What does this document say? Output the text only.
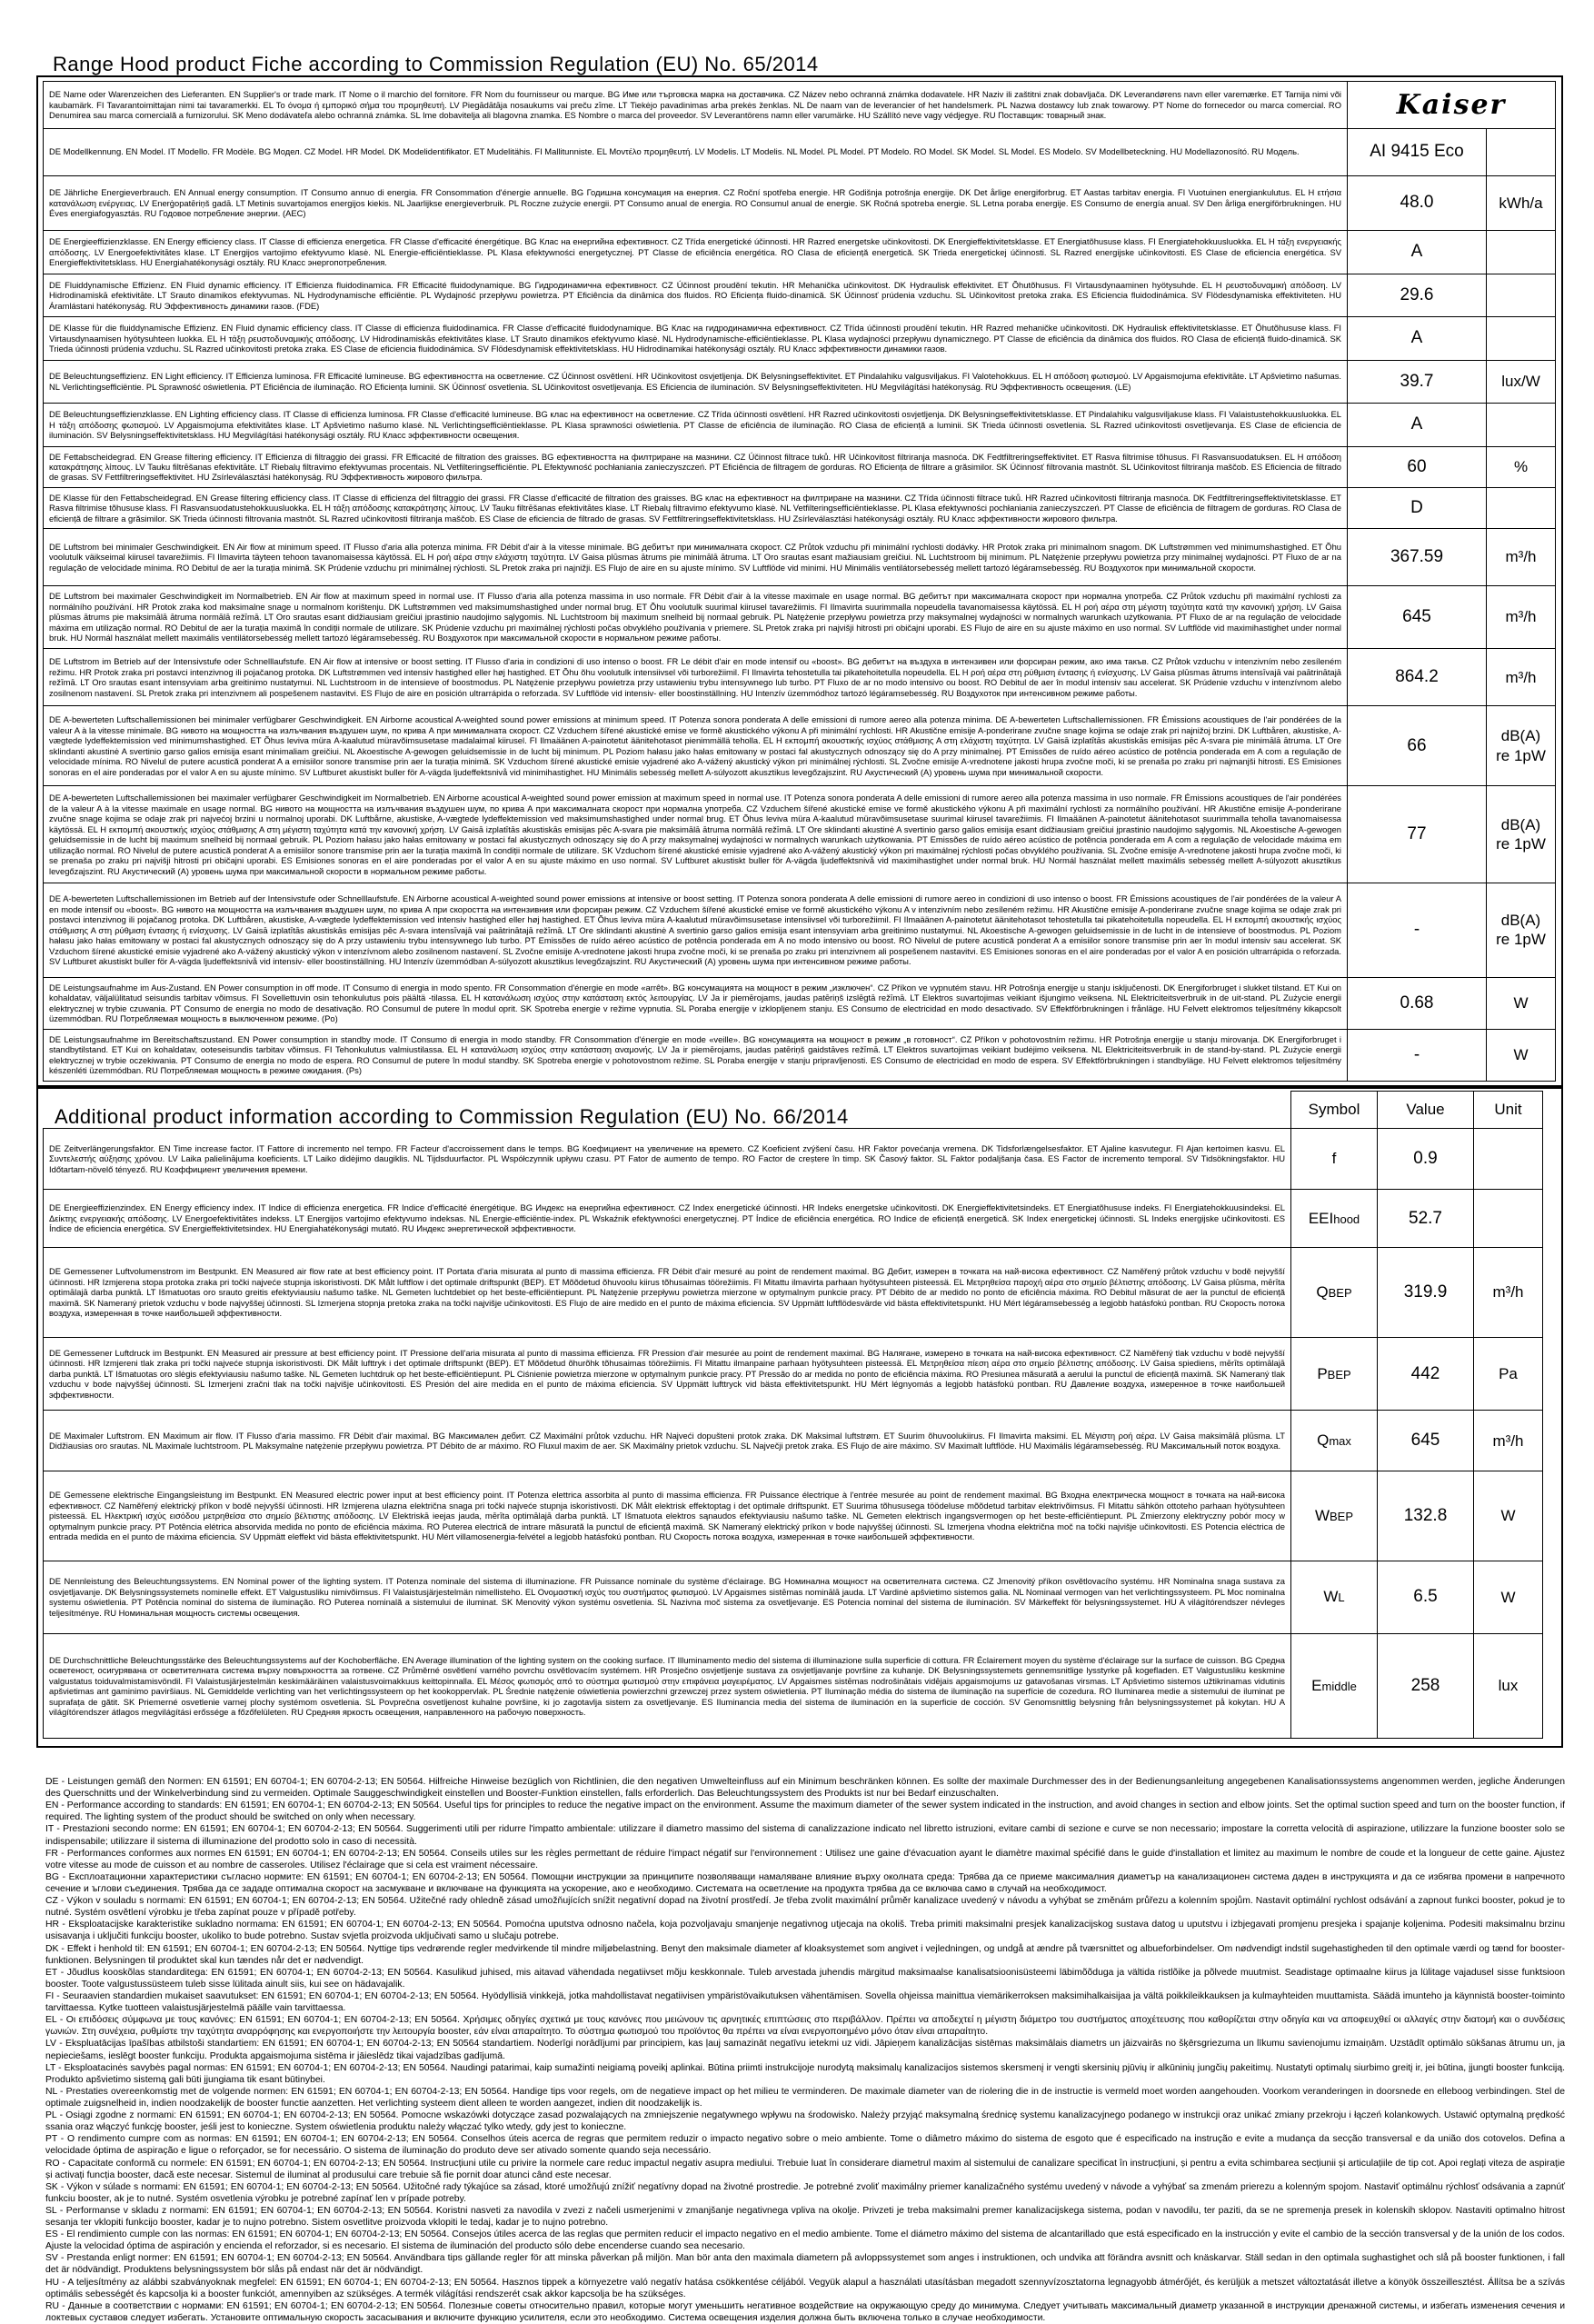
Range Hood product Fiche according to Commission Regulation (EU) No. 65/2014
DE Name oder Warenzeichen des Lieferanten. EN Supplier's or trade mark. IT Nome o il marchio del fornitore. FR Nom du fournisseur ou marque. BG Име или търговска марка на доставчика. CZ Název nebo ochranná známka dodavatele. HR Naziv ili zaštitni znak dobavljača. DK Leverandørens navn eller varemærke. ET Tarnija nimi või kaubamärk. FI Tavarantoimittajan nimi tai tavaramerkki. EL Το όνομα ή εμπορικό σήμα του προμηθευτή. LV Piegādātāja nosaukums vai preču zīme. LT Tiekėjo pavadinimas arba prekės ženklas. NL De naam van de leverancier of het handelsmerk. PL Nazwa dostawcy lub znak towarowy. PT Nome do fornecedor ou marca comercial. RO Denumirea sau marca comercială a furnizorului. SK Meno dodávateľa alebo ochranná známka. SL Ime dobavitelja ali blagovna znamka. ES Nombre o marca del proveedor. SV Leverantörens namn eller varumärke. HU Szállító neve vagy védjegye. RU Поставщик: товарный знак.	Kaiser	
DE Modellkennung. EN Model. IT Modello. FR Modèle. BG Модел. CZ Model. HR Model. DK Modelidentifikator. ET Mudelitähis. FI Mallitunniste. EL Μοντέλο προμηθευτή. LV Modelis. LT Modelis. NL Model. PL Model. PT Modelo. RO Model. SK Model. SL Model. ES Modelo. SV Modellbeteckning. HU Modellazonosító. RU Модель.	AI 9415 Eco	
DE Jährliche Energieverbrauch. EN Annual energy consumption. IT Consumo annuo di energia. FR Consommation d'énergie annuelle. BG Годишна консумация на енергия. CZ Roční spotřeba energie. HR Godišnja potrošnja energije. DK Det årlige energiforbrug. ET Aastas tarbitav energia. FI Vuotuinen energiankulutus. EL Η ετήσια κατανάλωση ενέργειας. LV Enerģopatēriņš gadā. LT Metinis suvartojamos energijos kiekis. NL Jaarlijkse energieverbruik. PL Roczne zużycie energii. PT Consumo anual de energia. RO Consumul anual de energie. SK Ročná spotreba energie. SL Letna poraba energije. ES Consumo de energía anual. SV Den årliga energiförbrukningen. HU Éves energiafogyasztás. RU Годовое потребление энергии. (AEC)	48.0	kWh/a
DE Energieeffizienzklasse. EN Energy efficiency class. IT Classe di efficienza energetica. FR Classe d'efficacité énergétique. BG Клас на енергийна ефективност. CZ Třída energetické účinnosti. HR Razred energetske učinkovitosti. DK Energieffektivitetsklasse. ET Energiatõhususe klass. FI Energiatehokkuusluokka. EL Η τάξη ενεργειακής απόδοσης. LV Energoefektivitātes klase. LT Energijos vartojimo efektyvumo klasė. NL Energie-efficiëntieklasse. PL Klasa efektywności energetycznej. PT Classe de eficiência energética. RO Clasa de eficiență energetică. SK Trieda energetickej účinnosti. SL Razred energijske učinkovitosti. ES Clase de eficiencia energética. SV Energieffektivitetsklass. HU Energiahatékonysági osztály. RU Класс энергопотребления.	A	
DE Fluiddynamische Effizienz. EN Fluid dynamic efficiency. IT Efficienza fluidodinamica. FR Efficacité fluidodynamique. BG Гидродинамична ефективност. CZ Účinnost proudění tekutin. HR Mehanička učinkovitost. DK Hydraulisk effektivitet. ET Õhutõhusus. FI Virtausdynaaminen hyötysuhde. EL Η ρευστοδυναμική απόδοση. LV Hidrodinamiskā efektivitāte. LT Srauto dinamikos efektyvumas. NL Hydrodynamische efficiëntie. PL Wydajność przepływu powietrza. PT Eficiência da dinâmica dos fluidos. RO Eficiența fluido-dinamică. SK Účinnosť prúdenia vzduchu. SL Učinkovitost pretoka zraka. ES Eficiencia fluidodinámica. SV Flödesdynamiska effektiviteten. HU Áramlástani hatékonyság. RU Эффективность динамики газов. (FDE)	29.6	
DE Klasse für die fluiddynamische Effizienz. EN Fluid dynamic efficiency class. IT Classe di efficienza fluidodinamica. FR Classe d'efficacité fluidodynamique. BG Клас на гидродинамична ефективност. CZ Třída účinnosti proudění tekutin. HR Razred mehaničke učinkovitosti. DK Hydraulisk effektivitetsklasse. ET Õhutõhususe klass. FI Virtausdynaamisen hyötysuhteen luokka. EL Η τάξη ρευστοδυναμικής απόδοσης. LV Hidrodinamiskās efektivitātes klase. LT Srauto dinamikos efektyvumo klasė. NL Hydrodynamische-efficiëntieklasse. PL Klasa wydajności przepływu dynamicznego. PT Classe de eficiência da dinâmica dos fluidos. RO Clasa de eficiență fluido-dinamică. SK Trieda účinnosti prúdenia vzduchu. SL Razred učinkovitosti pretoka zraka. ES Clase de eficiencia fluidodinámica. SV Flödesdynamisk effektivitetsklass. HU Hidrodinamikai hatékonysági osztály. RU Класс эффективности динамики газов.	A	
DE Beleuchtungseffizienz. EN Light efficiency. IT Efficienza luminosa. FR Efficacité lumineuse. BG ефективността на осветление. CZ Účinnost osvětlení. HR Učinkovitost osvjetljenja. DK Belysningseffektivitet. ET Pindalahiku valgusviljakus. FI Valotehokkuus. EL Η απόδοση φωτισμού. LV Apgaismojuma efektivitāte. LT Apšvietimo našumas. NL Verlichtingsefficiëntie. PL Sprawność oświetlenia. PT Eficiência de iluminação. RO Eficiența luminii. SK Účinnosť osvetlenia. SL Učinkovitost osvetljevanja. ES Eficiencia de iluminación. SV Belysningseffektiviteten. HU Megvilágítási hatékonyság. RU Эффективность освещения. (LE)	39.7	lux/W
DE Beleuchtungseffizienzklasse. EN Lighting efficiency class. IT Classe di efficienza luminosa. FR Classe d'efficacité lumineuse. BG клас на ефективност на осветление. CZ Třída účinnosti osvětlení. HR Razred učinkovitosti osvjetljenja. DK Belysningseffektivitetsklasse. ET Pindalahiku valgusviljakuse klass. FI Valaistustehokkuusluokka. EL Η τάξη απόδοσης φωτισμού. LV Apgaismojuma efektivitātes klase. LT Apšvietimo našumo klasė. NL Verlichtingsefficiëntieklasse. PL Klasa sprawności oświetlenia. PT Classe de eficiência de iluminação. RO Clasa de eficiență a luminii. SK Trieda účinnosti osvetlenia. SL Razred učinkovitosti osvetljevanja. ES Clase de eficiencia de iluminación. SV Belysningseffektivitetsklass. HU Megvilágítási hatékonysági osztály. RU Класс эффективности освещения.	A	
DE Fettabscheidegrad. EN Grease filtering efficiency. IT Efficienza di filtraggio dei grassi. FR Efficacité de filtration des graisses. BG ефективността на филтриране на мазнини. CZ Účinnost filtrace tuků. HR Učinkovitost filtriranja masnoća. DK Fedtfiltreringseffektivitet. ET Rasva filtrimise tõhusus. FI Rasvansuodatuksen. EL Η απόδοση κατακράτησης λίπους. LV Tauku filtrēšanas efektivitāte. LT Riebalų filtravimo efektyvumas procentais. NL Vetfilteringsefficiëntie. PL Efektywność pochłaniania zanieczyszczeń. PT Eficiência de filtragem de gorduras. RO Eficiența de filtrare a grăsimilor. SK Účinnosť filtrovania mastnôt. SL Učinkovitost filtriranja maščob. ES Eficiencia de filtrado de grasas. SV Fettfiltreringseffektivitet. HU Zsírleválasztási hatékonyság. RU Эффективность жирового фильтра.	60	%
DE Klasse für den Fettabscheidegrad. EN Grease filtering efficiency class. IT Classe di efficienza del filtraggio dei grassi. FR Classe d'efficacité de filtration des graisses. BG клас на ефективност на филтриране на мазнини. CZ Třída účinnosti filtrace tuků. HR Razred učinkovitosti filtriranja masnoća. DK Fedtfiltreringseffektivitetsklasse. ET Rasva filtrimise tõhususe klass. FI Rasvansuodatustehokkuusluokka. EL Η τάξη απόδοσης κατακράτησης λίπους. LV Tauku filtrēšanas efektivitātes klase. LT Riebalų filtravimo efektyvumo klasė. NL Vetfilteringsefficiëntieklasse. PL Klasa efektywności pochłaniania zanieczyszczeń. PT Classe de eficiência de filtragem de gorduras. RO Clasa de eficiență de filtrare a grăsimilor. SK Trieda účinnosti filtrovania mastnôt. SL Razred učinkovitosti filtriranja maščob. ES Clase de eficiencia de filtrado de grasas. SV Fettfiltreringseffektivitetsklass. HU Zsírleválasztási hatékonysági osztály. RU Класс эффективности жирового фильтра.	D	
DE Luftstrom bei minimaler Geschwindigkeit. EN Air flow at minimum speed. IT Flusso d'aria alla potenza minima. FR Débit d'air à la vitesse minimale. BG дебитът при минималната скорост. CZ Průtok vzduchu při minimální rychlosti dodávky. HR Protok zraka pri minimalnom snagom. DK Luftstrømmen ved minimumshastighed. ET Õhu voolutulk väikseimal kiirusel tavarežiimis. FI Ilmavirta täyteen tehoon tavanomaisessa käytössä. EL Η ροή αέρα στην ελάχιστη ταχύτητα. LV Gaisa plūsmas ātrums pie minimālā ātruma. LT Oro srautas esant mažiausiam greičiui. NL Luchtstroom bij minimum. PL Natężenie przepływu powietrza przy minimalnej wydajności. PT Fluxo de ar na regulação de velocidade mínima. RO Debitul de aer la turația minimă. SK Prúdenie vzduchu pri minimálnej rýchlosti. SL Pretok zraka pri najnižji. ES Flujo de aire en su ajuste mínimo. SV Luftflöde vid minimi. HU Minimális ventilátorsebesség mellett tartozó légáramsebesség. RU Воздухоток при минимальной скорости.	367.59	m³/h
DE Luftstrom bei maximaler Geschwindigkeit im Normalbetrieb. EN Air flow at maximum speed in normal use. IT Flusso d'aria alla potenza massima in uso normale. FR Débit d'air à la vitesse maximale en usage normal. BG дебитът при максималната скорост при нормална употреба. CZ Průtok vzduchu při maximální rychlosti za normálního používání. HR Protok zraka kod maksimalne snage u normalnom korištenju. DK Luftstrømmen ved maksimumshastighed under normal brug. ET Õhu voolutulk suurimal kiirusel tavarežiimis. FI Ilmavirta suurimmalla nopeudella tavanomaisessa käytössä. EL Η ροή αέρα στη μέγιστη ταχύτητα κατά την κανονική χρήση. LV Gaisa plūsmas ātrums pie maksimālā ātruma normālā režīmā. LT Oro srautas esant didžiausiam greičiui įprastinio naudojimo sąlygomis. NL Luchtstroom bij maximum snelheid bij normaal gebruik. PL Natężenie przepływu powietrza przy maksymalnej wydajności w normalnych warunkach użytkowania. PT Fluxo de ar na regulação de velocidade máxima em utilização normal. RO Debitul de aer la turația maximă în condiții normale de utilizare. SK Prúdenie vzduchu pri maximálnej rýchlosti počas obvyklého používania v priemere. SL Pretok zraka pri najvišji hitrosti pri običajni uporabi. ES Flujo de aire en su ajuste máximo en uso normal. SV Luftflöde vid maximihastighet under normal bruk. HU Normál használat mellett maximális ventilátorsebesség mellett tartozó légáramsebesség. RU Воздухоток при максимальной скорости в нормальном режиме работы.	645	m³/h
DE Luftstrom im Betrieb auf der Intensivstufe oder Schnelllaufstufe. EN Air flow at intensive or boost setting. IT Flusso d'aria in condizioni di uso intenso o boost. FR Le débit d'air en mode intensif ou «boost». BG дебитът на въздуха в интензивен или форсиран режим, ако има такъв. CZ Průtok vzduchu v intenzivním nebo zesíleném režimu. HR Protok zraka pri postavci intenzivnog ili pojačanog protoka. DK Luftstrømmen ved intensiv hastighed eller høj hastighed. ET Õhu õhu voolutulk intensiivsel või turborežiimil. FI Ilmavirta tehostetulla tai pikatehoitetulla nopeudella. EL Η ροή αέρα στη ρύθμιση έντασης ή ενίσχυσης. LV Gaisa plūsmas ātrums intensīvajā vai paātrinātajā režīmā. LT Oro srautas esant intensyviam arba greitinimo nustatymui. NL Luchtstroom in de intensieve of boostmodus. PL Natężenie przepływu powietrza przy ustawieniu trybu intensywnego lub turbo. PT Fluxo de ar no modo intensivo ou boost. RO Debitul de aer în modul intensiv sau accelerat. SK Prúdenie vzduchu v intenzívnom alebo zosilnenom nastavení. SL Pretok zraka pri intenzivnem ali pospešenem nastavitvi. ES Flujo de aire en posición ultrarrápida o reforzada. SV Luftflöde vid intensiv- eller boostinställning. HU Intenzív üzemmódhoz tartozó légáramsebesség. RU Воздухоток при интенсивном режиме работы.	864.2	m³/h
DE A-bewerteten Luftschallemissionen bei minimaler verfügbarer Geschwindigkeit. EN Airborne acoustical A-weighted sound power emissions at minimum speed. IT Potenza sonora ponderata A delle emissioni di rumore aereo alla potenza minima. DE A-bewerteten Luftschallemissionen. FR Émissions acoustiques de l'air pondérées de la valeur A à la vitesse minimale. BG нивото на мощността на излъчвания въздушен шум, по крива А при минималната скорост. CZ Vzduchem šířené akustické emise ve formě akustického výkonu A při minimální rychlosti. HR Akustične emisije A-ponderirane zvučne snage kojima se odaje zrak pri najnižoj brzini. DK Luftbåren, akustiske, A-vægtede lydeffektemission ved minimumshastighed. ET Õhus leviva mürа A-kaalutud müravõimsusetase madalaimal kiirusel. FI Ilmaäänen A-painotetut äänitehotasot pienimmällä teholla. EL Η εκπομπή ακουστικής ισχύος στάθμισης Α στη ελάχιστη ταχύτητα. LV Gaisā izplatītās akustiskās emisijas pēc A-svara pie minimālā ātruma. LT Ore sklindanti akustinė A svertinio garso galios emisija esant minimaliam greičiui. NL Akoestische A-gewogen geluidsemissie in de lucht bij minimum. PL Poziom hałasu jako hałas emitowany w postaci fal akustycznych odnoszący się do A przy minimalnej. PT Emissões de ruído aéreo acústico de potência ponderada em A com a regulação de velocidade mínima. RO Nivelul de putere acustică ponderat A a emisiilor sonore transmise prin aer la turația minimă. SK Vzduchom šírené akustické emisie vyjadrené ako A-vážený akustický výkon pri minimálnej rýchlosti. SL Zvočne emisije A-vrednotene jakosti hrupa zvočne moči, ki se prenaša po zraku pri najmanjši hitrosti. ES Emisiones sonoras en el aire ponderadas por el valor A en su ajuste mínimo. SV Luftburet akustiskt buller för A-vägda ljudeffektsnivå vid minimihastighet. HU Minimális sebesség mellett A-súlyozott akusztikus levegőzajszint. RU Акустический (А) уровень шума при минимальной скорости.	66	dB(A) re 1pW
DE A-bewerteten Luftschallemissionen bei maximaler verfügbarer Geschwindigkeit im Normalbetrieb. EN Airborne acoustical A-weighted sound power emission at maximum speed in normal use. IT Potenza sonora ponderata A delle emissioni di rumore aereo alla potenza massima in uso normale. FR Émissions acoustiques de l'air pondérées de la valeur A à la vitesse maximale en usage normal. BG нивото на мощността на излъчвания въздушен шум, по крива А при максималната скорост при нормална употреба. CZ Vzduchem šířené akustické emise ve formě akustického výkonu A při maximální rychlosti za normálního používání. HR Akustične emisije A-ponderirane zvučne snage kojima se odaje zrak pri najvećoj brzini u normalnoj uporabi. DK Luftbårne, akustiske, A-vægtede lydeffektemission ved maksimumshastighed under normal brug. ET Õhus leviva müra A-kaalutud müravõimsusetase suurimal kiirusel tavarežiimis. FI Ilmaäänen A-painotetut äänitehotasot suurimmalla teholla tavanomaisessa käytössä. EL Η εκπομπή ακουστικής ισχύος στάθμισης Α στη μέγιστη ταχύτητα κατά την κανονική χρήση. LV Gaisā izplatītās akustiskās emisijas pēc A-svara pie maksimālā ātruma normālā režīmā. LT Ore sklindanti akustinė A svertinio garso galios emisija esant didžiausiam greičiui įprastinio naudojimo sąlygomis. NL Akoestische A-gewogen geluidsemissie in de lucht bij maximum snelheid bij normaal gebruik. PL Poziom hałasu jako hałas emitowany w postaci fal akustycznych odnoszący się do A przy maksymalnej wydajności w normalnych warunkach użytkowania. PT Emissões de ruído aéreo acústico de potência ponderada em A com a regulação de velocidade máxima em utilização normal. RO Nivelul de putere acustică ponderat A a emisiilor sonore transmise prin aer la turația maximă în condiții normale de utilizare. SK Vzduchom šírené akustické emisie vyjadrené ako A-vážený akustický výkon pri maximálnej rýchlosti počas obvyklého používania. SL Zvočne emisije A-vrednotene jakosti hrupa zvočne moči, ki se prenaša po zraku pri najvišji hitrosti pri običajni uporabi. ES Emisiones sonoras en el aire ponderadas por el valor A en su ajuste máximo en uso normal. SV Luftburet akustiskt buller för A-vägda ljudeffektsnivå vid maximihastighet under normal bruk. HU Normál használat mellett maximális sebesség mellett A-súlyozott akusztikus levegőzajszint. RU Акустический (А) уровень шума при максимальной скорости в нормальном режиме работы.	77	dB(A) re 1pW
DE A-bewerteten Luftschallemissionen im Betrieb auf der Intensivstufe oder Schnelllaufstufe. EN Airborne acoustical A-weighted sound power emissions at intensive or boost setting. IT Potenza sonora ponderata A delle emissioni di rumore aereo in condizioni di uso intenso o boost. FR Émissions acoustiques de l'air pondérées de la valeur A en mode intensif ou «boost». BG нивото на мощността на излъчвания въздушен шум, по крива А при скоростта на интензивния или форсиран режим. CZ Vzduchem šířené akustické emise ve formě akustického výkonu A v intenzivním nebo zesíleném režimu. HR Akustične emisije A-ponderirane zvučne snage kojima se odaje zrak pri postavci intenzivnog ili pojačanog protoka. DK Luftbåren, akustiske, A-vægtede lydeffektemission ved intensiv hastighed eller høj hastighed. ET Õhus leviva müra A-kaalutud müravõimsusetase intensiivsel või turborežiimil. FI Ilmaäänen A-painotetut äänitehotasot tehostetulla tai pikatehoitetulla nopeudella. EL Η εκπομπή ακουστικής ισχύος στάθμισης Α στη ρύθμιση έντασης ή ενίσχυσης. LV Gaisā izplatītās akustiskās emisijas pēc A-svara intensīvajā vai paātrinātajā režīmā. LT Ore sklindanti akustinė A svertinio garso galios emisija esant intensyviam arba greitinimo nustatymui. NL Akoestische A-gewogen geluidsemissie in de lucht in de intensieve of boostmodus. PL Poziom hałasu jako hałas emitowany w postaci fal akustycznych odnoszący się do A przy ustawieniu trybu intensywnego lub turbo. PT Emissões de ruído aéreo acústico de potência ponderada em A no modo intensivo ou boost. RO Nivelul de putere acustică ponderat A a emisiilor sonore transmise prin aer în modul intensiv sau accelerat. SK Vzduchom šírené akustické emisie vyjadrené ako A-vážený akustický výkon v intenzívnom alebo zosilnenom nastavení. SL Zvočne emisije A-vrednotene jakosti hrupa zvočne moči, ki se prenaša po zraku pri intenzivnem ali pospešenem nastavitvi. ES Emisiones sonoras en el aire ponderadas por el valor A en posición ultrarrápida o reforzada. SV Luftburet akustiskt buller för A-vägda ljudeffektsnivå vid intensiv- eller boostinställning. HU Intenzív üzemmódban A-súlyozott akusztikus levegőzajszint. RU Акустический (А) уровень шума при интенсивном режиме работы.	-	dB(A) re 1pW
DE Leistungsaufnahme im Aus-Zustand. EN Power consumption in off mode. IT Consumo di energia in modo spento. FR Consommation d'énergie en mode «arrêt». BG консумацията на мощност в режим „изключен“. CZ Příkon ve vypnutém stavu. HR Potrošnja energije u stanju isključenosti. DK Energiforbruget i slukket tilstand. ET Kui on kohaldatav, väljalülitatud seisundis tarbitav võimsus. FI Sovellettuvin osin tehonkulutus pois päältä -tilassa. EL Η κατανάλωση ισχύος στην κατάσταση εκτός λειτουργίας. LV Ja ir piemērojams, jaudas patēriņš izslēgtā režīmā. LT Elektros suvartojimas veikiant išjungimo veiksena. NL Elektriciteitsverbruik in de uit-stand. PL Zużycie energii elektrycznej w trybie czuwania. PT Consumo de energia no modo de desativação. RO Consumul de putere în modul oprit. SK Spotreba energie v režime vypnutia. SL Poraba energije v izklopljenem stanju. ES Consumo de electricidad en modo desactivado. SV Effektförbrukningen i frånläge. HU Felvett elektromos teljesítmény kikapcsolt üzemmódban. RU Потребляемая мощность в выключенном режиме. (Po)	0.68	W
DE Leistungsaufnahme im Bereitschaftszustand. EN Power consumption in standby mode. IT Consumo di energia in modo standby. FR Consommation d'énergie en mode «veille». BG консумацията на мощност в режим „в готовност“. CZ Příkon v pohotovostním režimu. HR Potrošnja energije u stanju mirovanja. DK Energiforbruget i standbytilstand. ET Kui on kohaldatav, ooteseisundis tarbitav võimsus. FI Tehonkulutus valmiustilassa. EL Η κατανάλωση ισχύος στην κατάσταση αναμονής. LV Ja ir piemērojams, jaudas patēriņš gaidstāves režīmā. LT Elektros suvartojimas veikiant budėjimo veiksena. NL Elektriciteitsverbruik in de stand-by-stand. PL Zużycie energii elektrycznej w trybie oczekiwania. PT Consumo de energia no modo de espera. RO Consumul de putere în modul standby. SK Spotreba energie v pohotovostnom režime. SL Poraba energije v stanju pripravljenosti. ES Consumo de electricidad en modo de espera. SV Effektförbrukningen i standbyläge. HU Felvett elektromos teljesítmény készenléti üzemmódban. RU Потребляемая мощность в режиме ожидания. (Ps)	-	W
Additional product information according to Commission Regulation (EU) No. 66/2014
		Symbol	Value	Unit
DE Zeitverlängerungsfaktor. EN Time increase factor. IT Fattore di incremento nel tempo. FR Facteur d'accroissement dans le temps. BG Коефициент на увеличение на времето. CZ Koeficient zvýšení času. HR Faktor povećanja vremena. DK Tidsforlængelsesfaktor. ET Ajaline kasvutegur. FI Ajan kertoimen kasvu. EL Συντελεστής αύξησης χρόνου. LV Laika palielinājuma koeficients. LT Laiko didėjimo daugiklis. NL Tijdsduurfactor. PL Współczynnik upływu czasu. PT Fator de aumento de tempo. RO Factor de creștere în timp. SK Časový faktor. SL Faktor podaljšanja časa. ES Factor de incremento temporal. SV Tidsökningsfaktor. HU Időtartam-növelő tényező. RU Коэффициент увеличения времени.	f	0.9	
DE Energieeffizienzindex. EN Energy efficiency index. IT Indice di efficienza energetica. FR Indice d'efficacité énergétique. BG Индекс на енергийна ефективност. CZ Index energetické účinnosti. HR Indeks energetske učinkovitosti. DK Energieffektivitetsindeks. ET Energiatõhususe indeks. FI Energiatehokkuusindeksi. EL Δείκτης ενεργειακής απόδοσης. LV Energoefektivitātes indekss. LT Energijos vartojimo efektyvumo indeksas. NL Energie-efficiëntie-index. PL Wskaźnik efektywności energetycznej. PT Índice de eficiência energética. RO Indice de eficiență energetică. SK Index energetickej účinnosti. SL Indeks energijske učinkovitosti. ES Índice de eficiencia energética. SV Energieffektivitetsindex. HU Energiahatékonysági mutató. RU Индекс энергетической эффективности.	EEIhood	52.7	
DE Gemessener Luftvolumenstrom im Bestpunkt. EN Measured air flow rate at best efficiency point. IT Portata d'aria misurata al punto di massima efficienza. FR Débit d'air mesuré au point de rendement maximal. BG Дебит, измерен в точката на най-висока ефективност. CZ Naměřený průtok vzduchu v bodě nejvyšší účinnosti. HR Izmjerena stopa protoka zraka pri točki najveće stupnja iskoristivosti. DK Målt luftflow i det optimale driftspunkt (BEP). ET Mõõdetud õhuvoolu kiirus tõhusaimas töörežiimis. FI Mitattu ilmavirta parhaan hyötysuhteen pisteessä. EL Μετρηθείσα παροχή αέρα στο σημείο βέλτιστης απόδοσης. LV Gaisa plūsma, mērīta optimālajā darba punktā. LT Išmatuotas oro srauto greitis efektyviausiu našumo taške. NL Gemeten luchtdebiet op het beste-efficiëntiepunt. PL Natężenie przepływu powietrza mierzone w optymalnym punkcie pracy. PT Débito de ar medido no ponto de eficiência máxima. RO Debitul măsurat de aer la punctul de eficiență maximă. SK Nameraný prietok vzduchu v bode najvyššej účinnosti. SL Izmerjena stopnja pretoka zraka na točki najvišje učinkovitosti. ES Flujo de aire medido en el punto de máxima eficiencia. SV Uppmätt luftflödesvärde vid bästa effektivitetspunkt. HU Mért légáramsebesség a legjobb hatásfokú pontban. RU Скорость потока воздуха, измеренная в точке наибольшей эффективности.	QBEP	319.9	m³/h
DE Gemessener Luftdruck im Bestpunkt. EN Measured air pressure at best efficiency point. IT Pressione dell'aria misurata al punto di massima efficienza. FR Pression d'air mesurée au point de rendement maximal. BG Налягане, измерено в точката на най-висока ефективност. CZ Naměřený tlak vzduchu v bodě nejvyšší účinnosti. HR Izmjereni tlak zraka pri točki najveće stupnja iskoristivosti. DK Målt lufttryk i det optimale driftspunkt (BEP). ET Mõõdetud õhurõhk tõhusaimas töörežiimis. FI Mitattu ilmanpaine parhaan hyötysuhteen pisteessä. EL Μετρηθείσα πίεση αέρα στο σημείο βέλτιστης απόδοσης. LV Gaisa spiediens, mērīts optimālajā darba punktā. LT Išmatuotas oro slėgis efektyviausiu našumo taške. NL Gemeten luchtdruk op het beste-efficiëntiepunt. PL Ciśnienie powietrza mierzone w optymalnym punkcie pracy. PT Pressão do ar medida no ponto de eficiência máxima. RO Presiunea măsurată a aerului la punctul de eficiență maximă. SK Nameraný tlak vzduchu v bode najvyššej účinnosti. SL Izmerjeni zračni tlak na točki najvišje učinkovitosti. ES Presión del aire medida en el punto de máxima eficiencia. SV Uppmätt lufttryck vid bästa effektivitetspunkt. HU Mért légnyomás a legjobb hatásfokú pontban. RU Давление воздуха, измеренное в точке наибольшей эффективности.	PBEP	442	Pa
DE Maximaler Luftstrom. EN Maximum air flow. IT Flusso d'aria massimo. FR Débit d'air maximal. BG Максимален дебит. CZ Maximální průtok vzduchu. HR Najveći dopušteni protok zraka. DK Maksimal luftstrøm. ET Suurim õhuvoolukiirus. FI Ilmavirta maksimi. EL Μέγιστη ροή αέρα. LV Gaisa maksimālā plūsma. LT Didžiausias oro srautas. NL Maximale luchtstroom. PL Maksymalne natężenie przepływu powietrza. PT Débito de ar máximo. RO Fluxul maxim de aer. SK Maximálny prietok vzduchu. SL Največji pretok zraka. ES Flujo de aire máximo. SV Maximalt luftflöde. HU Maximális légáramsebesség. RU Максимальный поток воздуха.	Qmax	645	m³/h
DE Gemessene elektrische Eingangsleistung im Bestpunkt. EN Measured electric power input at best efficiency point. IT Potenza elettrica assorbita al punto di massima efficienza. FR Puissance électrique à l'entrée mesurée au point de rendement maximal. BG Входна електрическа мощност в точката на най-висока ефективност. CZ Naměřený elektrický příkon v bodě nejvyšší účinnosti. HR Izmjerena ulazna električna snaga pri točki najveće stupnja iskoristivosti. DK Målt elektrisk effektoptag i det optimale driftspunkt. ET Suurima tõhususega töödeluse mõõdetud tarbitav elektrivõimsus. FI Mitattu sähkön ottoteho parhaan hyötysuhteen pisteessä. EL Ηλεκτρική ισχύς εισόδου μετρηθείσα στο σημείο βέλτιστης απόδοσης. LV Elektriskā ieejas jauda, mērīta optimālajā darba punktā. LT Išmatuota elektros sąnaudos efektyviausiu našumo taške. NL Gemeten elektrisch ingangsvermogen op het beste-efficiëntiepunt. PL Zmierzony elektryczny pobór mocy w optymalnym punkcie pracy. PT Potência elétrica absorvida medida no ponto de eficiência máxima. RO Puterea electrică de intrare măsurată la punctul de eficiență maximă. SK Nameraný elektrický príkon v bode najvyššej účinnosti. SL Izmerjena vhodna električna moč na točki najvišje učinkovitosti. ES Potencia eléctrica de entrada medida en el punto de máxima eficiencia. SV Uppmätt eleffekt vid bästa effektivitetspunkt. HU Mért villamosenergia-felvétel a legjobb hatásfokú pontban. RU Скорость потока воздуха, измеренная в точке наибольшей эффективности.	WBEP	132.8	W
DE Nennleistung des Beleuchtungssystems. EN Nominal power of the lighting system. IT Potenza nominale del sistema di illuminazione. FR Puissance nominale du système d'éclairage. BG Номинална мощност на осветителната система. CZ Jmenovitý příkon osvětlovacího systému. HR Nominalna snaga sustava za osvjetljavanje. DK Belysningssystemets nominelle effekt. ET Valgustusliku nimivõimsus. FI Valaistusjärjestelmän nimellisteho. EL Ονομαστική ισχύς του συστήματος φωτισμού. LV Apgaismes sistēmas nominālā jauda. LT Vardinė apšvietimo sistemos galia. NL Nominaal vermogen van het verlichtingssysteem. PL Moc nominalna systemu oświetlenia. PT Potência nominal do sistema de iluminação. RO Puterea nominală a sistemului de iluminat. SK Menovitý výkon systému osvetlenia. SL Nazivna moč sistema za osvetljevanje. ES Potencia nominal del sistema de iluminación. SV Märkeffekt för belysningssystemet. HU A világítórendszer névleges teljesítménye. RU Номинальная мощность системы освещения.	WL	6.5	W
DE Durchschnittliche Beleuchtungsstärke des Beleuchtungssystems auf der Kochoberfläche. EN Average illumination of the lighting system on the cooking surface. IT Illuminamento medio del sistema di illuminazione sulla superficie di cottura. FR Éclairement moyen du système d'éclairage sur la surface de cuisson. BG Средна осветеност, осигурявана от осветителната система върху повърхността за готвене. CZ Průměrné osvětlení varného povrchu osvětlovacím systémem. HR Prosječno osvjetljenje sustava za osvjetljavanje površine za kuhanje. DK Belysningssystemets gennemsnitlige lysstyrke på kogefladen. ET Valgustusliku keskmine valgustatus toiduvalmistamisvöndil. FI Valaistusjärjestelmän keskimääräinen valaistusvoimakkuus keittopinnalla. EL Μέσος φωτισμός από το σύστημα φωτισμού στην επιφάνεια μαγειρέματος. LV Apgaismes sistēmas nodrošinātais vidējais apgaismojums uz gatavošanas virsmas. LT Apšvietimo sistemos užtikrinamas vidutinis apšvietimas ant gaminimo paviršiaus. NL Gemiddelde verlichting van het verlichtingssysteem op het kookoppervlak. PL Średnie natężenie oświetlenia powierzchni grzewczej przez system oświetlenia. PT Iluminação média do sistema de iluminação na superfície de cozedura. RO Iluminarea medie a sistemului de iluminat pe suprafața de gătit. SK Priemerné osvetlenie varnej plochy systémom osvetlenia. SL Povprečna osvetljenost kuhalne površine, ki jo zagotavlja sistem za osvetljevanje. ES Iluminancia media del sistema de iluminación en la superficie de cocción. SV Genomsnittlig belysning från belysningssystemet på kokytan. HU A világítórendszer átlagos megvilágítási erőssége a főzőfelületen. RU Средняя яркость освещения, направленного на рабочую поверхность.	Emiddle	258	lux

DE - Leistungen gemäß den Normen: EN 61591; EN 60704-1; EN 60704-2-13; EN 50564. Hilfreiche Hinweise bezüglich von Richtlinien, die den negativen Umwelteinfluss auf ein Minimum beschränken können. Es sollte der maximale Durchmesser des in der Bedienungsanleitung angegebenen Kanalisationssystems angenommen werden, jegliche Änderungen des Querschnitts und der Winkelverbindung sind zu vermeiden. Optimale Sauggeschwindigkeit einstellen und Booster-Funktion einstellen, falls erforderlich. Das Beleuchtungssystem des Produkts ist nur bei Bedarf einzuschalten.

EN - Performance according to standards: EN 61591; EN 60704-1; EN 60704-2-13; EN 50564. Useful tips for principles to reduce the negative impact on the environment. Assume the maximum diameter of the sewer system indicated in the instruction, and avoid changes in section and elbow joints. Set the optimal suction speed and turn on the booster function, if required. The lighting system of the product should be switched on only when necessary.

IT - Prestazioni secondo norme: EN 61591; EN 60704-1; EN 60704-2-13; EN 50564. Suggerimenti utili per ridurre l'impatto ambientale: utilizzare il diametro massimo del sistema di canalizzazione indicato nel libretto istruzioni, evitare cambi di sezione e curve se non necessario; impostare la corretta velocità di aspirazione, utilizzare la funzione booster solo se indispensabile; utilizzare il sistema di illuminazione del prodotto solo in caso di necessità.

FR - Performances conformes aux normes EN 61591; EN 60704-1; EN 60704-2-13; EN 50564. Conseils utiles sur les règles permettant de réduire l'impact négatif sur l'environnement : Utilisez une gaine d'évacuation ayant le diamètre maximal spécifié dans le guide d'installation et limitez au maximum le nombre de coude et la longueur de cette gaine. Ajustez votre vitesse au mode de cuisson et au nombre de casseroles. Utilisez l'éclairage que si cela est vraiment nécessaire.

BG - Експлоатационни характеристики съгласно нормите: EN 61591; EN 60704-1; EN 60704-2-13; EN 50564. Помощни инструкции за принципите позволяващи намаляване влияние върху околната среда: Трябва да се приеме максималния диаметър на канализационен система даден в инструкцията и да се избягва промени в напречното сечение и ъглови съединения. Трябва да се зададе оптимална скорост на засмукване и включване на функцията на ускорение, ако е необходимо. Системата на осветление на продукта трябва да се включва само в случай на необходимост.

CZ - Výkon v souladu s normami: EN 61591; EN 60704-1; EN 60704-2-13; EN 50564. Užitečné rady ohledně zásad umožňujících snížit negativní dopad na životní prostředí. Je třeba zvolit maximální průměr kanalizace uvedený v návodu a vyhýbat se změnám průřezu a kolenním spojům. Nastavit optimální rychlost odsávání a zapnout funkci booster, pokud je to nutné. Systém osvětlení výrobku je třeba zapínat pouze v případě potřeby.

HR - Eksploatacijske karakteristike sukladno normama: EN 61591; EN 60704-1; EN 60704-2-13; EN 50564. Pomoćna uputstva odnosno načela, koja pozvoljavaju smanjenje negativnog utjecaja na okoliš. Treba primiti maksimalni presjek kanalizacijskog sustava datog u uputstvu i izbjegavati promjenu presjeka i spajanje koljenima. Podesiti maksimalnu brzinu usisavanja i uključiti funkciju booster, ukoliko to bude potrebno. Sustav svjetla proizvoda uključivati samo u slučaju potrebe.

DK - Effekt i henhold til: EN 61591; EN 60704-1; EN 60704-2-13; EN 50564. Nyttige tips vedrørende regler medvirkende til mindre miljøbelastning. Benyt den maksimale diameter af kloaksystemet som angivet i vejledningen, og undgå at ændre på tværsnittet og albueforbindelser. Om nødvendigt indstil sugehastigheden til den optimale værdi og tænd for booster-funktionen. Belysningen til produktet skal kun tændes når det er nødvendigt.

ET - Jõudlus kooskõlas standarditega: EN 61591; EN 60704-1; EN 60704-2-13; EN 50564. Kasulikud juhised, mis aitavad vähendada negatiivset mõju keskkonnale. Tuleb arvestada juhendis märgitud maksimaalse kanalisatsioonisüsteemi läbimõõduga ja vältida ristlõike ja põlvede muutmist. Seadistage optimaalne kiirus ja lülitage vajadusel sisse funktsioon booster. Toote valgustussüsteem tuleb sisse lülitada ainult siis, kui see on hädavajalik.

FI - Seuraavien standardien mukaiset saavutukset: EN 61591; EN 60704-1; EN 60704-2-13; EN 50564. Hyödyllisiä vinkkejä, jotka mahdollistavat negatiivisen ympäristövaikutuksen vähentämisen. Sovella ohjeissa mainittua viemärikerroksen maksimihalkaisijaa ja vältä poikkileikkauksen ja kulmayhteiden muuttamista. Säädä imunteho ja käynnistä booster-toiminto tarvittaessa. Kytke tuotteen valaistusjärjestelmä päälle vain tarvittaessa.

EL - Οι επιδόσεις σύμφωνα με τους κανόνες: EN 61591; EN 60704-1; EN 60704-2-13; EN 50564. Χρήσιμες οδηγίες σχετικά με τους κανόνες που μειώνουν τις αρνητικές επιπτώσεις στο περιβάλλον. Πρέπει να αποδεχτεί η μέγιστη διάμετρο του συστήματος αποχέτευσης που καθορίζεται στην οδηγία και να αποφευχθεί οι αλλαγές στην διατομή και ο συνδέσεις γωνιών. Στη συνέχεια, ρυθμίστε την ταχύτητα αναρρόφησης και ενεργοποιήστε την λειτουργία booster, εάν είναι απαραίτητο. Το σύστημα φωτισμού του προϊόντος θα πρέπει να είναι ενεργοποιημένο μόνο όταν είναι απαραίτητο.

LV - Ekspluatācijas īpašības atbilstoši standartiem: EN 61591; EN 60704-1; EN 60704-2-13; EN 50564 standartiem. Noderīgi norādījumi par principiem, kas ļauj samazināt negatīvu ietekmi uz vidi. Jāpieņem kanalizācijas sistēmas maksimālais diametrs un jāizvairās no šķērsgriezuma un līkumu savienojumu izmaiņām. Uzstādīt optimālo sūkšanas ātrumu un, ja nepieciešams, ieslēgt booster funkciju. Produkta apgaismojuma sistēma ir jāieslēdz tikai vajadzības gadījumā.

LT - Eksploatacinės savybės pagal normas: EN 61591; EN 60704-1; EN 60704-2-13; EN 50564. Naudingi patarimai, kaip sumažinti neigiamą poveikį aplinkai. Būtina priimti instrukcijoje nurodytą maksimalų kanalizacijos sistemos skersmenį ir vengti skersinių pjūvių ir alkūninių jungčių pakeitimų. Nustatyti optimalų siurbimo greitį ir, jei būtina, įjungti booster funkciją. Produkto apšvietimo sistemą gali būti įjungiama tik esant būtinybei.

NL - Prestaties overeenkomstig met de volgende normen: EN 61591; EN 60704-1; EN 60704-2-13; EN 50564. Handige tips voor regels, om de negatieve impact op het milieu te verminderen. De maximale diameter van de riolering die in de instructie is vermeld moet worden aangehouden. Voorkom veranderingen in doorsnede en elleboog verbindingen. Stel de optimale zuigsnelheid in, indien noodzakelijk de booster functie aanzetten. Het verlichting systeem dient alleen te worden aangezet, indien dit noodzakelijk is.

PL - Osiągi zgodne z normami: EN 61591; EN 60704-1; EN 60704-2-13; EN 50564. Pomocne wskazówki dotyczące zasad pozwalających na zmniejszenie negatywnego wpływu na środowisko. Należy przyjąć maksymalną średnicę systemu kanalizacyjnego podanego w instrukcji oraz unikać zmiany przekroju i łączeń kolankowych. Ustawić optymalną prędkość ssania oraz włączyć funkcję booster, jeśli jest to konieczne. System oświetlenia produktu należy włączać tylko wtedy, gdy jest to konieczne.

PT - O rendimento cumpre com as normas: EN 61591; EN 60704-1; EN 60704-2-13; EN 50564. Conselhos úteis acerca de regras que permitem reduzir o impacto negativo sobre o meio ambiente. Tome o diâmetro máximo do sistema de esgoto que é especificado na instrução e evite a mudança da secção transversal e da união dos cotovelos. Defina a velocidade óptima de aspiração e ligue o reforçador, se for necessário. O sistema de iluminação do produto deve ser ativado somente quando seja necessário.

RO - Capacitate conformă cu normele: EN 61591; EN 60704-1; EN 60704-2-13; EN 50564. Instrucțiuni utile cu privire la normele care reduc impactul negativ asupra mediului. Trebuie luat în considerare diametrul maxim al sistemului de canalizare specificat în instrucțiuni, și pentru a evita schimbarea secțiunii și articulațiile de tip cot. Apoi reglați viteza de aspirație și activați funcția booster, dacă este necesar. Sistemul de iluminat al produsului care trebuie să fie pornit doar atunci când este necesar.

SK - Výkon v súlade s normami: EN 61591; EN 60704-1; EN 60704-2-13; EN 50564. Užitočné rady týkajúce sa zásad, ktoré umožňujú znížiť negatívny dopad na životné prostredie. Je potrebné zvoliť maximálny priemer kanalizačného systému uvedený v návode a vyhýbať sa zmenám prierezu a kolenným spojom. Nastaviť optimálnu rýchlosť odsávania a zapnúť funkciu booster, ak je to nutné. Systém osvetlenia výrobku je potrebné zapínať len v prípade potreby.

SL - Performanse v skladu z normami: EN 61591; EN 60704-1; EN 60704-2-13; EN 50564. Koristni nasveti za navodila v zvezi z načeli usmerjenimi v zmanjšanje negativnega vpliva na okolje. Privzeti je treba maksimalni premer kanalizacijskega sistema, podan v navodilu, ter paziti, da se ne spremenja presek in kolenskih sklopov. Nastaviti optimalno hitrost sesanja ter vklopiti funkcijo booster, kadar je to nujno potrebno. Sistem osvetlitve proizvoda vklopiti le tedaj, kadar je to nujno potrebno.

ES - El rendimiento cumple con las normas: EN 61591; EN 60704-1; EN 60704-2-13; EN 50564. Consejos útiles acerca de las reglas que permiten reducir el impacto negativo en el medio ambiente. Tome el diámetro máximo del sistema de alcantarillado que está especificado en la instrucción y evite el cambio de la sección transversal y de la unión de los codos. Ajuste la velocidad óptima de aspiración y encienda el reforzador, si es necesario. El sistema de iluminación del producto sólo debe encenderse cuando sea necesario.

SV - Prestanda enligt normer: EN 61591; EN 60704-1; EN 60704-2-13; EN 50564. Användbara tips gällande regler för att minska påverkan på miljön. Man bör anta den maximala diametern på avloppssystemet som anges i instruktionen, och undvika att förändra avsnitt och knäskarvar. Ställ sedan in den optimala sughastighet och slå på booster funktionen, i fall det är nödvändigt. Produktens belysningssystem bör slås på endast när det är nödvändigt.

HU - A teljesítmény az alábbi szabványoknak megfelel: EN 61591; EN 60704-1; EN 60704-2-13; EN 50564. Hasznos tippek a környezetre való negatív hatása csökkentése céljából. Vegyük alapul a használati utasításban megadott szennyvízosztatorna legnagyobb átmérőjét, és kerüljük a metszet változtatását illetve a könyök összeillesztést. Állítsa be a szívás optimális sebességét és kapcsolja ki a booster funkciót, amennyiben az szükséges. A termék világítási rendszerét csak akkor kapcsolja be ha szükséges.

RU - Данные в соответствии с нормами: EN 61591; EN 60704-1; EN 60704-2-13; EN 50564. Полезные советы относительно правил, которые могут уменьшить негативное воздействие на окружающую среду до минимума. Следует учитывать максимальный диаметр указанной в инструкции дренажной системы, и избегать изменения сечения и локтевых суставов следует избегать. Установите оптимальную скорость засасывания и включите функцию усилителя, если это необходимо. Система освещения изделия должна быть включена только в случае необходимости.
